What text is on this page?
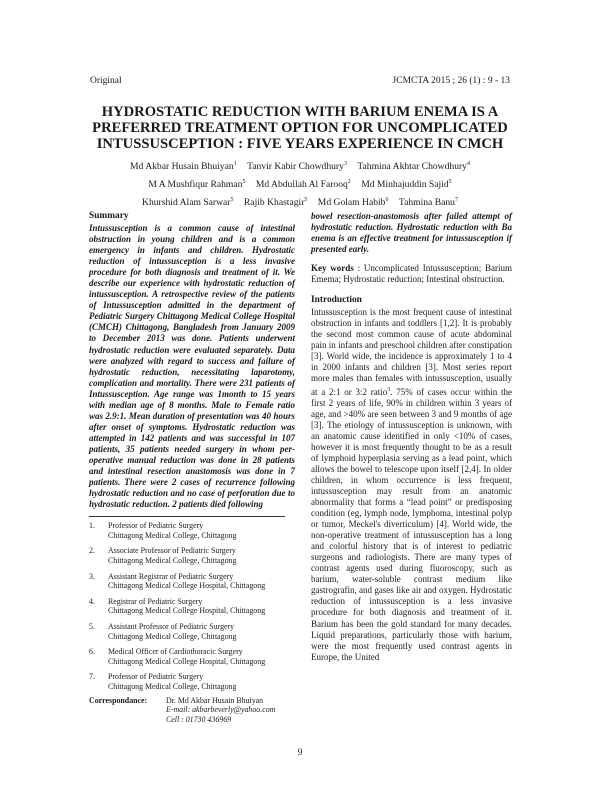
Original	JCMCTA 2015 ; 26 (1) : 9 - 13
HYDROSTATIC REDUCTION WITH BARIUM ENEMA IS A
PREFERRED TREATMENT OPTION FOR UNCOMPLICATED
INTUSSUSCEPTION : FIVE YEARS EXPERIENCE IN CMCH
Md Akbar Husain Bhuiyan$^1$ Tanvir Kabir Chowdhury$^3$ Tahmina Akhtar Chowdhury$^4$
M A Mushfiqur Rahman$^5$ Md Abdullah Al Farooq$^2$ Md Minhajuddin Sajid$^5$
Khurshid Alam Sarwar$^5$ Rajib Khastagir$^5$ Md Golam Habib$^6$ Tahmina Banu$^7$
Summary

Intussusception is a common cause of intestinal obstruction in young children and is a common emergency in infants and children. Hydrostatic reduction of intussusception is a less invasive procedure for both diagnosis and treatment of it. We describe our experience with hydrostatic reduction of intussusception. A retrospective review of the patients of Intussusception admitted in the department of Pediatric Surgery Chittagong Medical College Hospital (CMCH) Chittagong, Bangladesh from January 2009 to December 2013 was done. Patients underwent hydrostatic reduction were evaluated separately. Data were analyzed with regard to success and failure of hydrostatic reduction, necessitating laparotomy, complication and mortality. There were 231 patients of Intussusception. Age range was 1month to 15 years with median age of 8 months. Male to Female ratio was 2.9:1. Mean duration of presentation was 40 hours after onset of symptoms. Hydrostatic reduction was attempted in 142 patients and was successful in 107 patients, 35 patients needed surgery in whom per-operative manual reduction was done in 28 patients and intestinal resection anastomosis was done in 7 patients. There were 2 cases of recurrence following hydrostatic reduction and no case of perforation due to hydrostatic reduction. 2 patients died following

1.	Professor of Pediatric Surgery
Chittagong Medical College, Chittagong
2.	Associate Professor of Pediatric Surgery
Chittagong Medical College, Chittagong
3.	Assistant Registrar of Pediatric Surgery
Chittagong Medical College Hospital, Chittagong
4.	Registrar of Pediatric Surgery
Chittagong Medical College Hospital, Chittagong
5.	Assistant Professor of Pediatric Surgery
Chittagong Medical College, Chittagong
6.	Medical Officer of Cardiothoracic Surgery
Chittagong Medical College Hospital, Chittagong
7.	Professor of Pediatric Surgery
Chittagong Medical College, Chittagong
Correspondance:	Dr. Md Akbar Husain Bhuiyan
E-mail: akbarbeverly@yahoo.com
Cell : 01730 436969

bowel resection-anastomosis after failed attempt of hydrostatic reduction. Hydrostatic reduction with Ba enema is an effective treatment for intussusception if presented early.

Key words : Uncomplicated Intussusception; Barium Emema; Hydrostatic reduction; Intestinal obstruction.

Introduction

Intussusception is the most frequent cause of intestinal obstruction in infants and toddlers [1,2]. It is probably the second most common cause of acute abdominal pain in infants and preschool children after constipation [3]. World wide, the incidence is approximately 1 to 4 in 2000 infants and children [3]. Most series report more males than females with intussusception, usually at a 2:1 or 3:2 ratio$^3$. 75% of cases occur within the first 2 years of life, 90% in children within 3 years of age, and >40% are seen between 3 and 9 months of age [3]. The etiology of intussusception is unknown, with an anatomic cause identified in only <10% of cases, however it is most frequently thought to be as a result of lymphoid hyperplasia serving as a lead point, which allows the bowel to telescope upon itself [2,4]. In older children, in whom occurrence is less frequent, intussusception may result from an anatomic abnormality that forms a “lead point” or predisposing condition (eg, lymph node, lymphoma, intestinal polyp or tumor, Meckel's diverticulum) [4]. World wide, the non-operative treatment of intussusception has a long and colorful history that is of interest to pediatric surgeons and radiologists. There are many types of contrast agents used during fluoroscopy, such as barium, water-soluble contrast medium like gastrografin, and gases like air and oxygen. Hydrostatic reduction of intussusception is a less invasive procedure for both diagnosis and treatment of it. Barium has been the gold standard for many decades. Liquid preparations, particularly those with barium, were the most frequently used contrast agents in Europe, the United

9
